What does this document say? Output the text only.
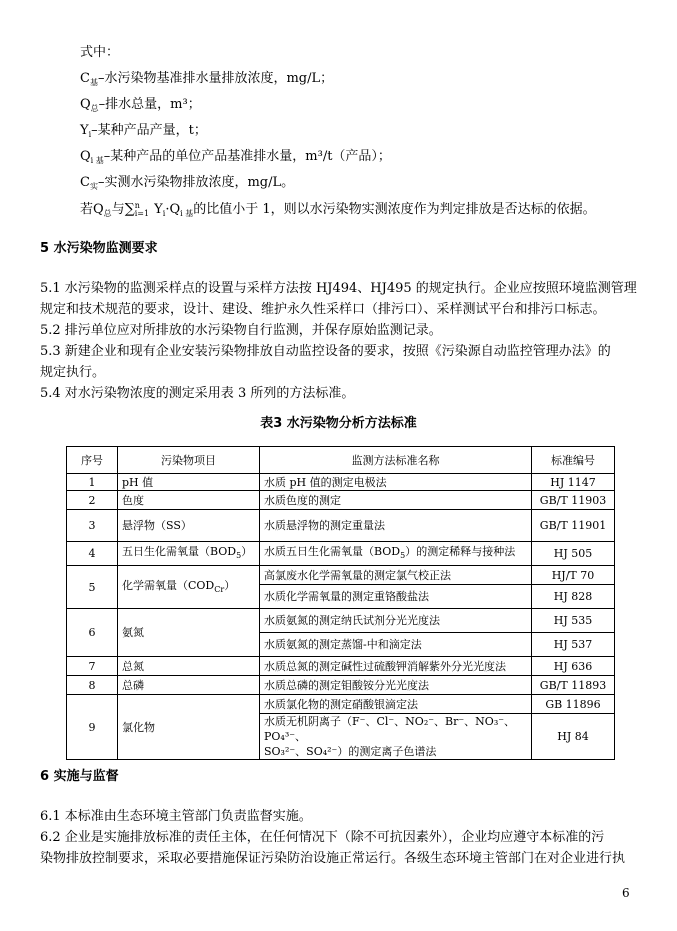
式中：
$C_基-$水污染物基准排水量排放浓度，mg/L；
$Q_总-$排水总量，m³；
$Y_i-$某种产品产量，t；
$Q_{i 基}-$某种产品的单位产品基准排水量，m³/t（产品）；
$C_实-$实测水污染物排放浓度，mg/L。
若$Q_总$与∑ n
i=1 $Y_i\cdot Q_{i 基}$的比值小于 1，则以水污染物实测浓度作为判定排放是否达标的依据。
5 水污染物监测要求

5.1 水污染物的监测采样点的设置与采样方法按 HJ494、HJ495 的规定执行。企业应按照环境监测管理

规定和技术规范的要求，设计、建设、维护永久性采样口（排污口）、采样测试平台和排污口标志。

5.2 排污单位应对所排放的水污染物自行监测，并保存原始监测记录。

5.3 新建企业和现有企业安装污染物排放自动监控设备的要求，按照《污染源自动监控管理办法》的

规定执行。

5.4 对水污染物浓度的测定采用表 3 所列的方法标准。

表3 水污染物分析方法标准
序号	污染物项目	监测方法标准名称	标准编号
1	pH 值	水质 pH 值的测定电极法	HJ 1147
2	色度	水质色度的测定	GB/T 11903
3	悬浮物（SS）	水质悬浮物的测定重量法	GB/T 11901
4	五日生化需氧量$(BOD_5)$	水质五日生化需氧量$(BOD_5)$的测定稀释与接种法	HJ 505
5	化学需氧量$(COD_{Cr})$	高氯废水化学需氧量的测定氯气校正法	HJ/T 70
		水质化学需氧量的测定重铬酸盐法	HJ 828
6	氨氮	水质氨氮的测定纳氏试剂分光光度法	HJ 535
		水质氨氮的测定蒸馏-中和滴定法	HJ 537
7	总氮	水质总氮的测定碱性过硫酸钾消解紫外分光光度法	HJ 636
8	总磷	水质总磷的测定钼酸铵分光光度法	GB/T 11893
9	氯化物	水质氯化物的测定硝酸银滴定法	GB 11896

		水质无机阴离子（F⁻、Cl⁻、NO₂⁻、Br⁻、NO₃⁻、PO₄³⁻、
SO₃²⁻、SO₄²⁻）的测定离子色谱法	HJ 84
6 实施与监督

6.1 本标准由生态环境主管部门负责监督实施。

6.2 企业是实施排放标准的责任主体，在任何情况下（除不可抗因素外），企业均应遵守本标准的污

染物排放控制要求，采取必要措施保证污染防治设施正常运行。各级生态环境主管部门在对企业进行执

6
